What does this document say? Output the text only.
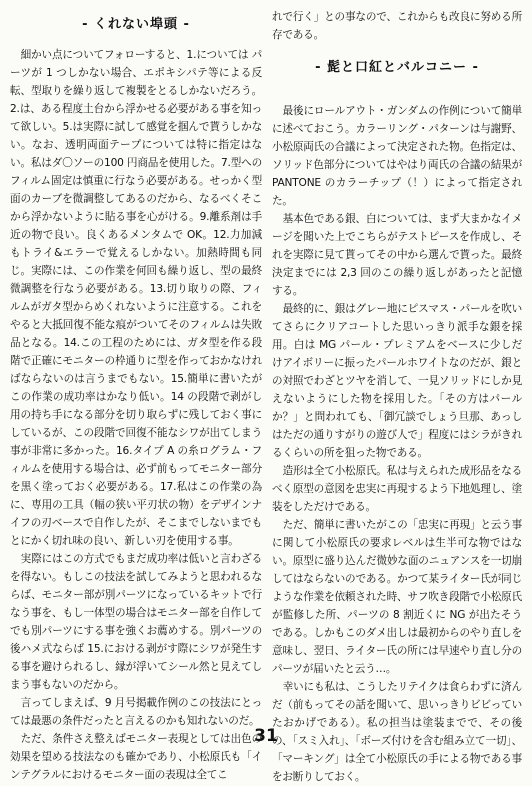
- くれない埠頭 -

細かい点についてフォローすると、1.については パーツが 1 つしかない場合、エポキシパテ等による反転、型取りを繰り返して複製をとるしかないだろう。2.は、ある程度土台から浮かせる必要がある事を知って欲しい。5.は実際に試して感覚を掴んで貰うしかない。なお、透明両面テープについては特に指定はない。私はダ〇ソーの100 円商品を使用した。7.型へのフィルム固定は慎重に行なう必要がある。せっかく型面のカーブを微調整してあるのだから、なるべくそこから浮かないように貼る事を心がける。9.離系剤は手近の物で良い。良くあるメンタムで OK。12.力加減もトライ&エラーで覚えるしかない。加熱時間も同じ。実際には、この作業を何回も繰り返し、型の最終微調整を行なう必要がある。13.切り取りの際、フィルムがガタ型からめくれないように注意する。これをやると大抵回復不能な痕がついてそのフィルムは失敗品となる。14.この工程のためには、ガタ型を作る段階で正確にモニターの枠通りに型を作っておかなければならないのは言うまでもない。15.簡単に書いたがこの作業の成功率はかなり低い。14 の段階で剥がし用の持ち手になる部分を切り取らずに残しておく事にしているが、この段階で回復不能なシワが出てしまう事が非常に多かった。16.タイプ A の糸ログラム・フィルムを使用する場合は、必ず前もってモニター部分を黒く塗っておく必要がある。17.私はこの作業の為に、専用の工具（幅の狭い平刃状の物）をデザインナイフの刃ベースで自作したが、そこまでしないまでもとにかく切れ味の良い、新しい刃を使用する事。

実際にはこの方式でもまだ成功率は低いと言わざるを得ない。もしこの技法を試してみようと思われるならば、モニター部が別パーツになっているキットで行なう事を、もし一体型の場合はモニター部を自作してでも別パーツにする事を強くお薦めする。別パーツの後ハメ式ならば 15.における剥がす際にシワが発生する事を避けられるし、縁が浮いてシール然と見えてしまう事もないのだから。

言ってしまえば、9 月号掲載作例のこの技法にとっては最悪の条件だったと言えるのかも知れないのだ。

ただ、条件さえ整えばモニター表現としては出色の効果を望める技法なのも確かであり、小松原氏も「インテグラルにおけるモニター面の表現は全てこ

れで行く」との事なので、これからも改良に努める所存である。

- 髭と口紅とバルコニー -

最後にロールアウト・ガンダムの作例について簡単に述べておこう。カラーリング・パターンは与謝野、小松原両氏の合議によって決定された物。色指定は、ソリッド色部分についてはやはり両氏の合議の結果が PANTONE のカラーチップ（！）によって指定された。

基本色である銀、白については、まず大まかなイメージを聞いた上でこちらがテストピースを作成し、それを実際に見て貰ってその中から選んで貰った。最終決定までには 2,3 回のこの繰り返しがあったと記憶する。

最終的に、銀はグレー地にピスマス・パールを吹いてさらにクリアコートした思いっきり派手な銀を採用。白は MG パール・プレミアムをベースに少しだけアイボリーに振ったパールホワイトなのだが、銀との対照でわざとツヤを消して、一見ソリッドにしか見えないようにした物を採用した。「その方はパールか？」と問われても、「御冗談でしょう旦那、あっしはただの通りすがりの遊び人で」程度にはシラがきれるくらいの所を狙った物である。

造形は全て小松原氏。私は与えられた成形品をなるべく原型の意図を忠実に再現するよう下地処理し、塗装をしただけである。

ただ、簡単に書いたがこの「忠実に再現」と云う事に関して小松原氏の要求レベルは生半可な物ではない。原型に盛り込んだ微妙な面のニュアンスを一切崩してはならないのである。かつて某ライター氏が同じような作業を依頼された時、サフ吹き段階で小松原氏が監修した所、パーツの 8 割近くに NG が出たそうである。しかもこのダメ出しは最初からのやり直しを意味し、翌日、ライター氏の所には早速やり直し分のパーツが届いたと云う…。

幸いにも私は、こうしたリテイクは食らわずに済んだ（前もってその話を聞いて、思いっきりビビっていたおかげである）。私の担当は塗装までで、その後の、「スミ入れ」、「ボーズ付けを含む組み立て一切」、「マーキング」は全て小松原氏の手による物である事をお断りしておく。

31
